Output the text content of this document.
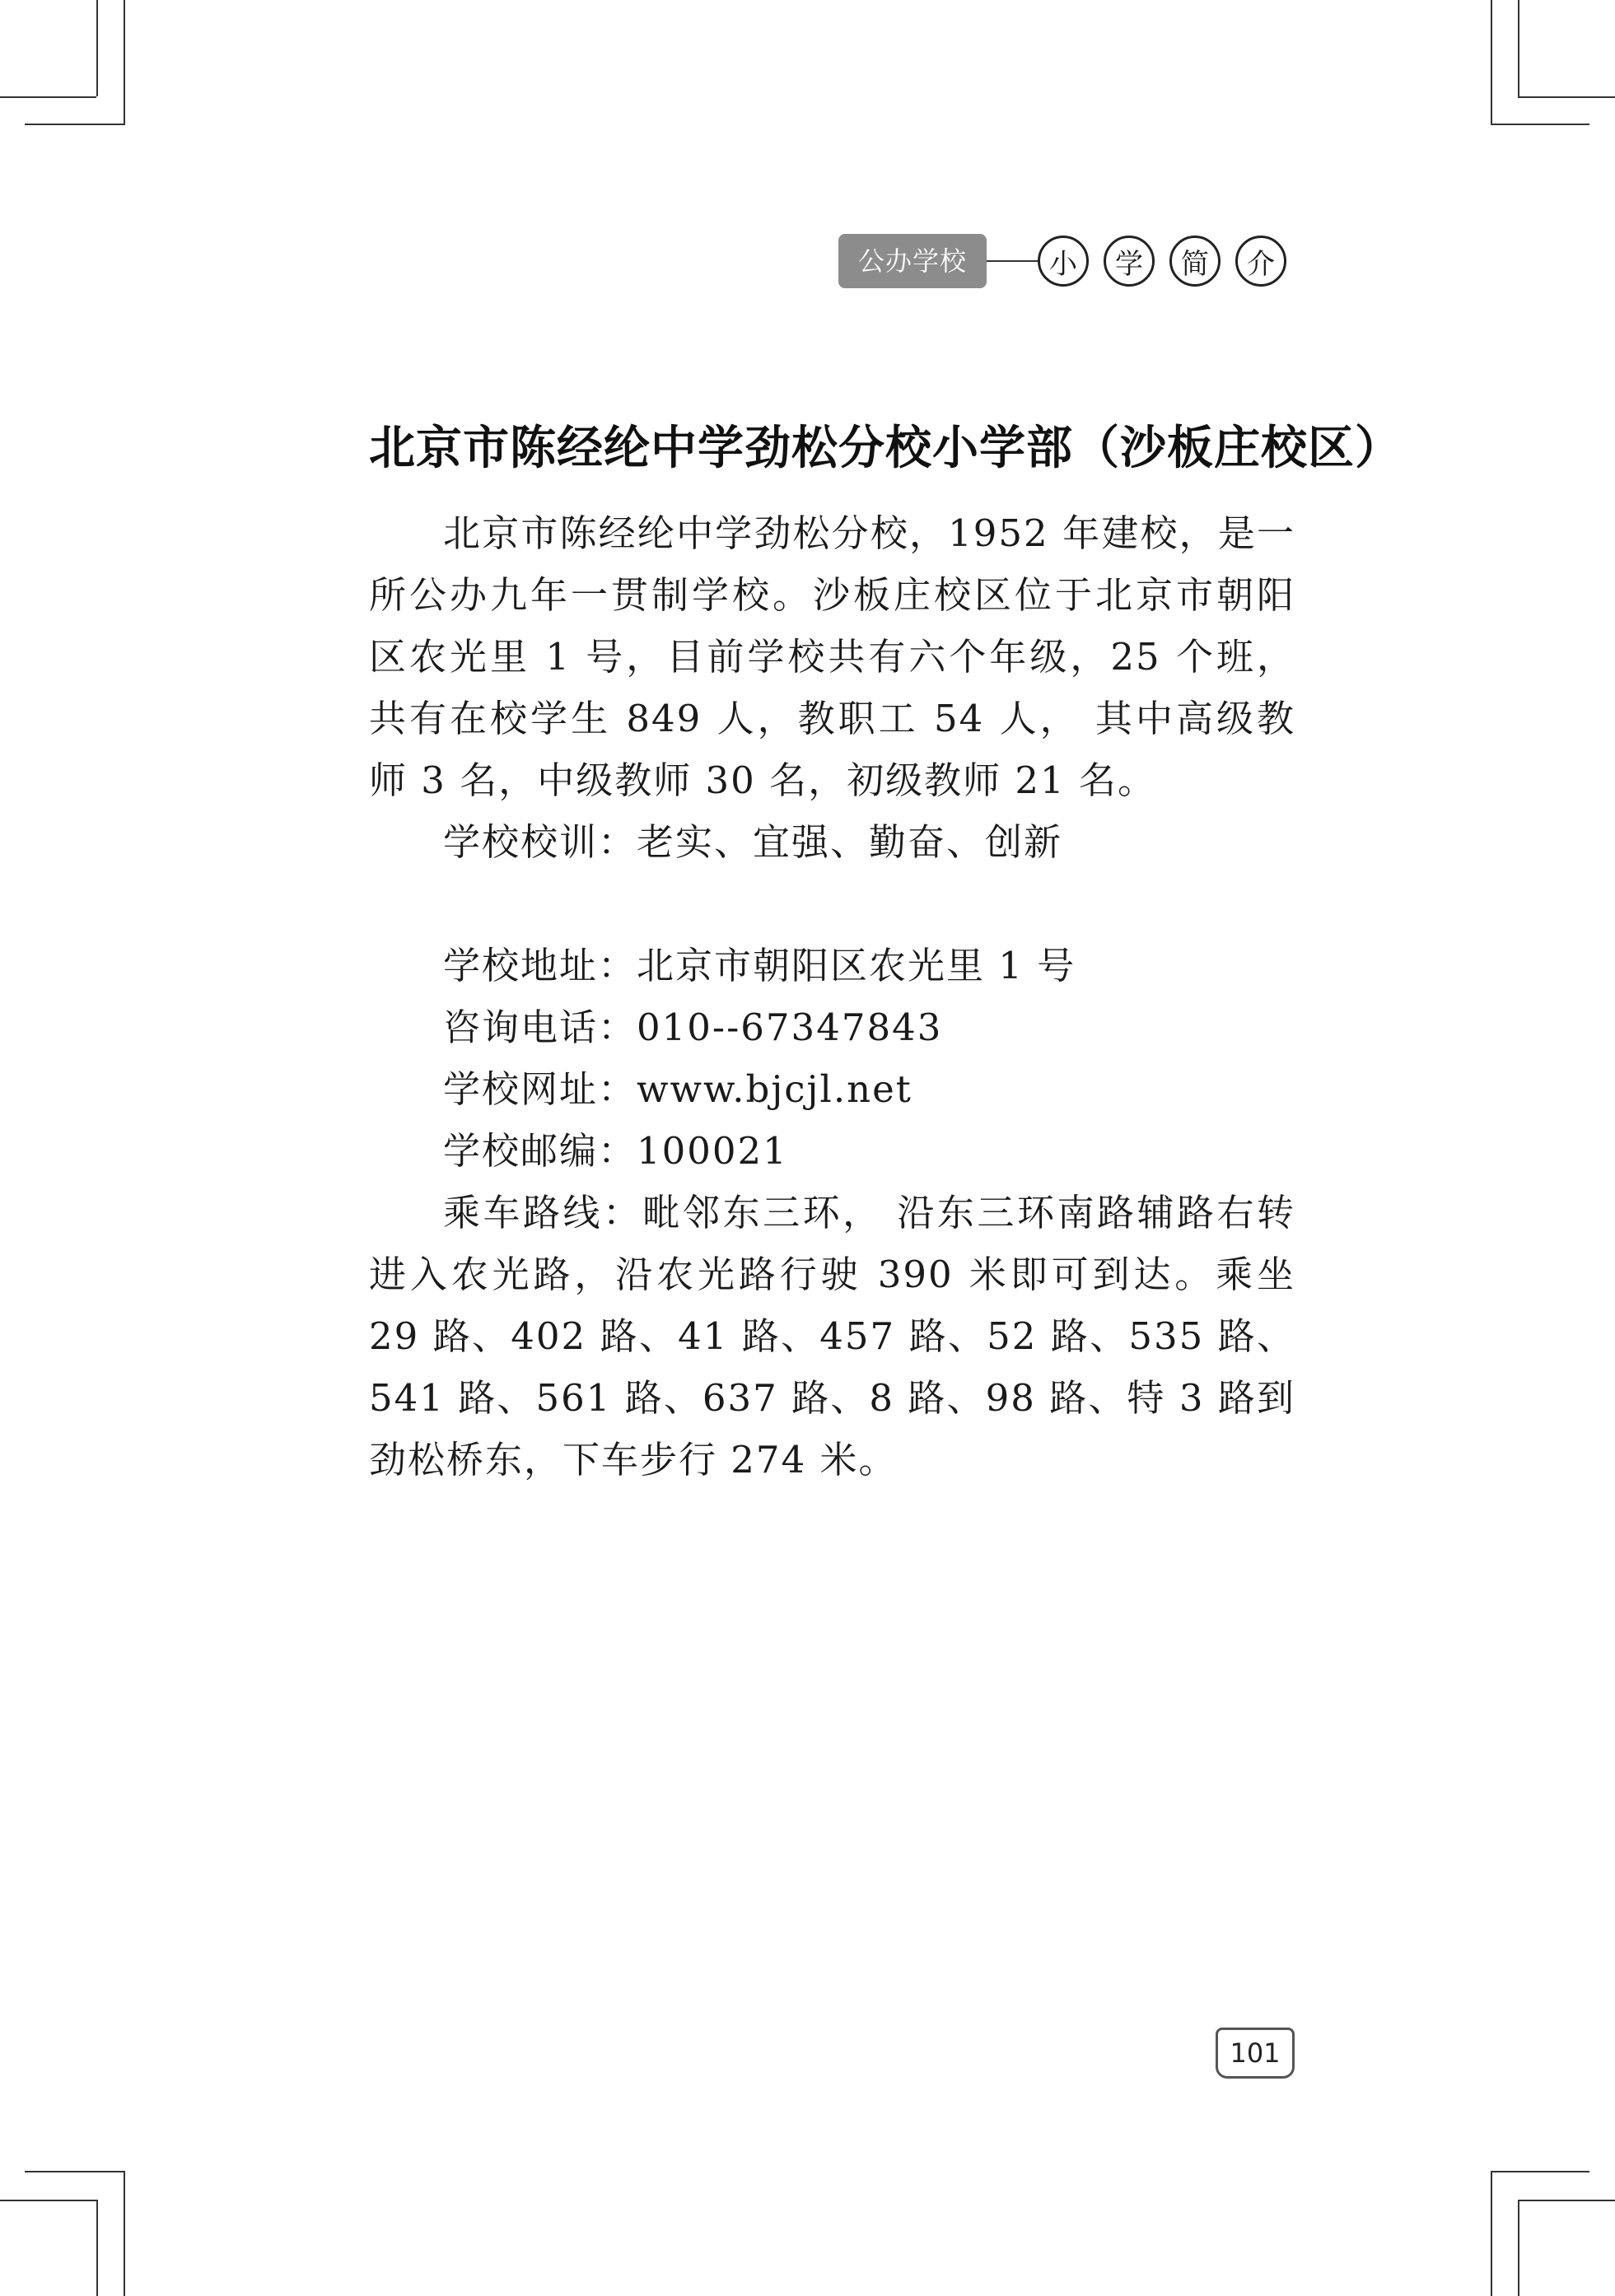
公办学校	小	学	简	介
北京市陈经纶中学劲松分校小学部（沙板庄校区）

北京市陈经纶中学劲松分校，1952 年建校，是一所公办九年一贯制学校。沙板庄校区位于北京市朝阳区农光里 1 号，目前学校共有六个年级，25 个班，共有在校学生 849 人，教职工 54 人， 其中高级教师 3 名，中级教师 30 名，初级教师 21 名。

学校校训：老实、宜强、勤奋、创新

学校地址：北京市朝阳区农光里 1 号

咨询电话：010--67347843

学校网址：www.bjcjl.net

学校邮编：100021

乘车路线：毗邻东三环， 沿东三环南路辅路右转进入农光路，沿农光路行驶 390 米即可到达。乘坐 29 路、402 路、41 路、457 路、52 路、535 路、541 路、561 路、637 路、8 路、98 路、特 3 路到劲松桥东，下车步行 274 米。

101
